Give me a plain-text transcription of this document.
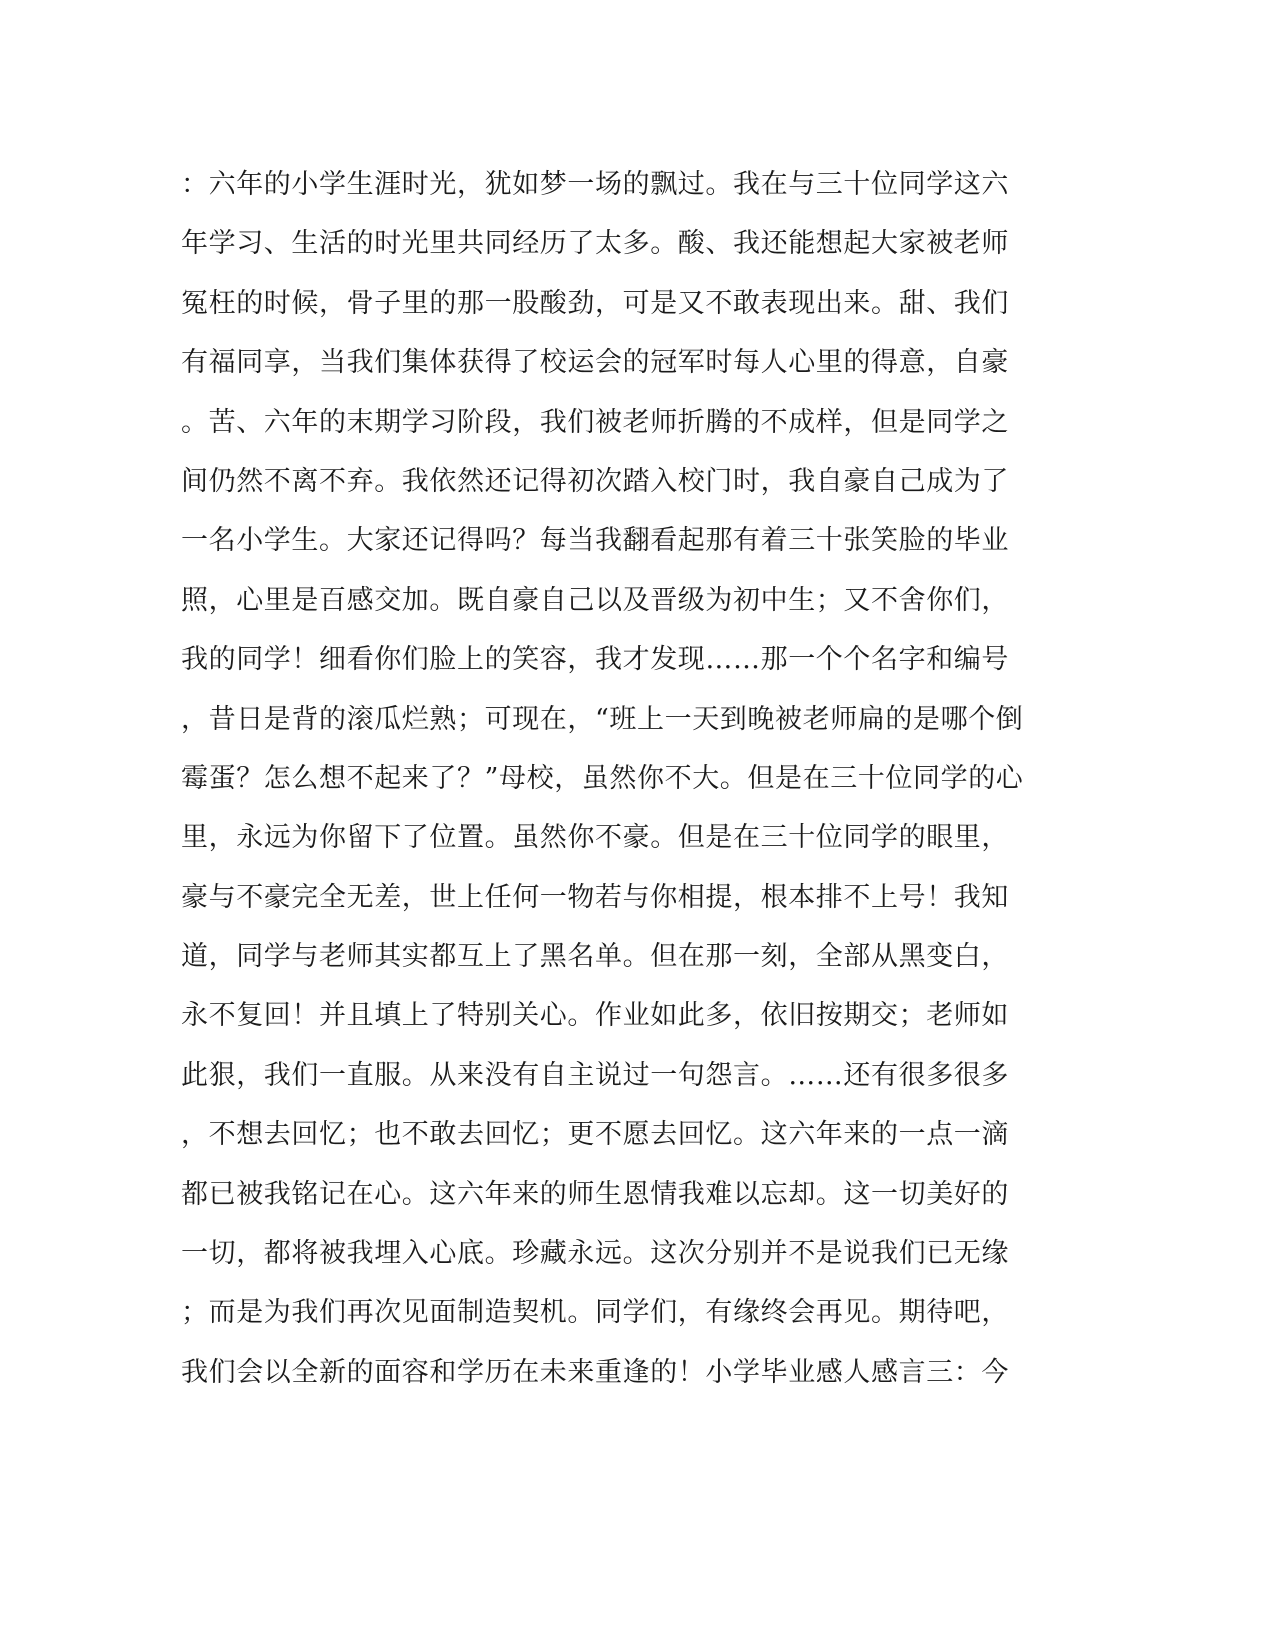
：六年的小学生涯时光，犹如梦一场的飘过。我在与三十位同学这六
年学习、生活的时光里共同经历了太多。酸、我还能想起大家被老师
冤枉的时候，骨子里的那一股酸劲，可是又不敢表现出来。甜、我们
有福同享，当我们集体获得了校运会的冠军时每人心里的得意，自豪
。苦、六年的末期学习阶段，我们被老师折腾的不成样，但是同学之
间仍然不离不弃。我依然还记得初次踏入校门时，我自豪自己成为了
一名小学生。大家还记得吗？每当我翻看起那有着三十张笑脸的毕业
照，心里是百感交加。既自豪自己以及晋级为初中生；又不舍你们，
我的同学！细看你们脸上的笑容，我才发现……那一个个名字和编号
，昔日是背的滚瓜烂熟；可现在，“班上一天到晚被老师扁的是哪个倒
霉蛋？怎么想不起来了？”母校，虽然你不大。但是在三十位同学的心
里，永远为你留下了位置。虽然你不豪。但是在三十位同学的眼里，
豪与不豪完全无差，世上任何一物若与你相提，根本排不上号！我知
道，同学与老师其实都互上了黑名单。但在那一刻，全部从黑变白，
永不复回！并且填上了特别关心。作业如此多，依旧按期交；老师如
此狠，我们一直服。从来没有自主说过一句怨言。……还有很多很多
，不想去回忆；也不敢去回忆；更不愿去回忆。这六年来的一点一滴
都已被我铭记在心。这六年来的师生恩情我难以忘却。这一切美好的
一切，都将被我埋入心底。珍藏永远。这次分别并不是说我们已无缘
；而是为我们再次见面制造契机。同学们，有缘终会再见。期待吧，
我们会以全新的面容和学历在未来重逢的！小学毕业感人感言三：今
